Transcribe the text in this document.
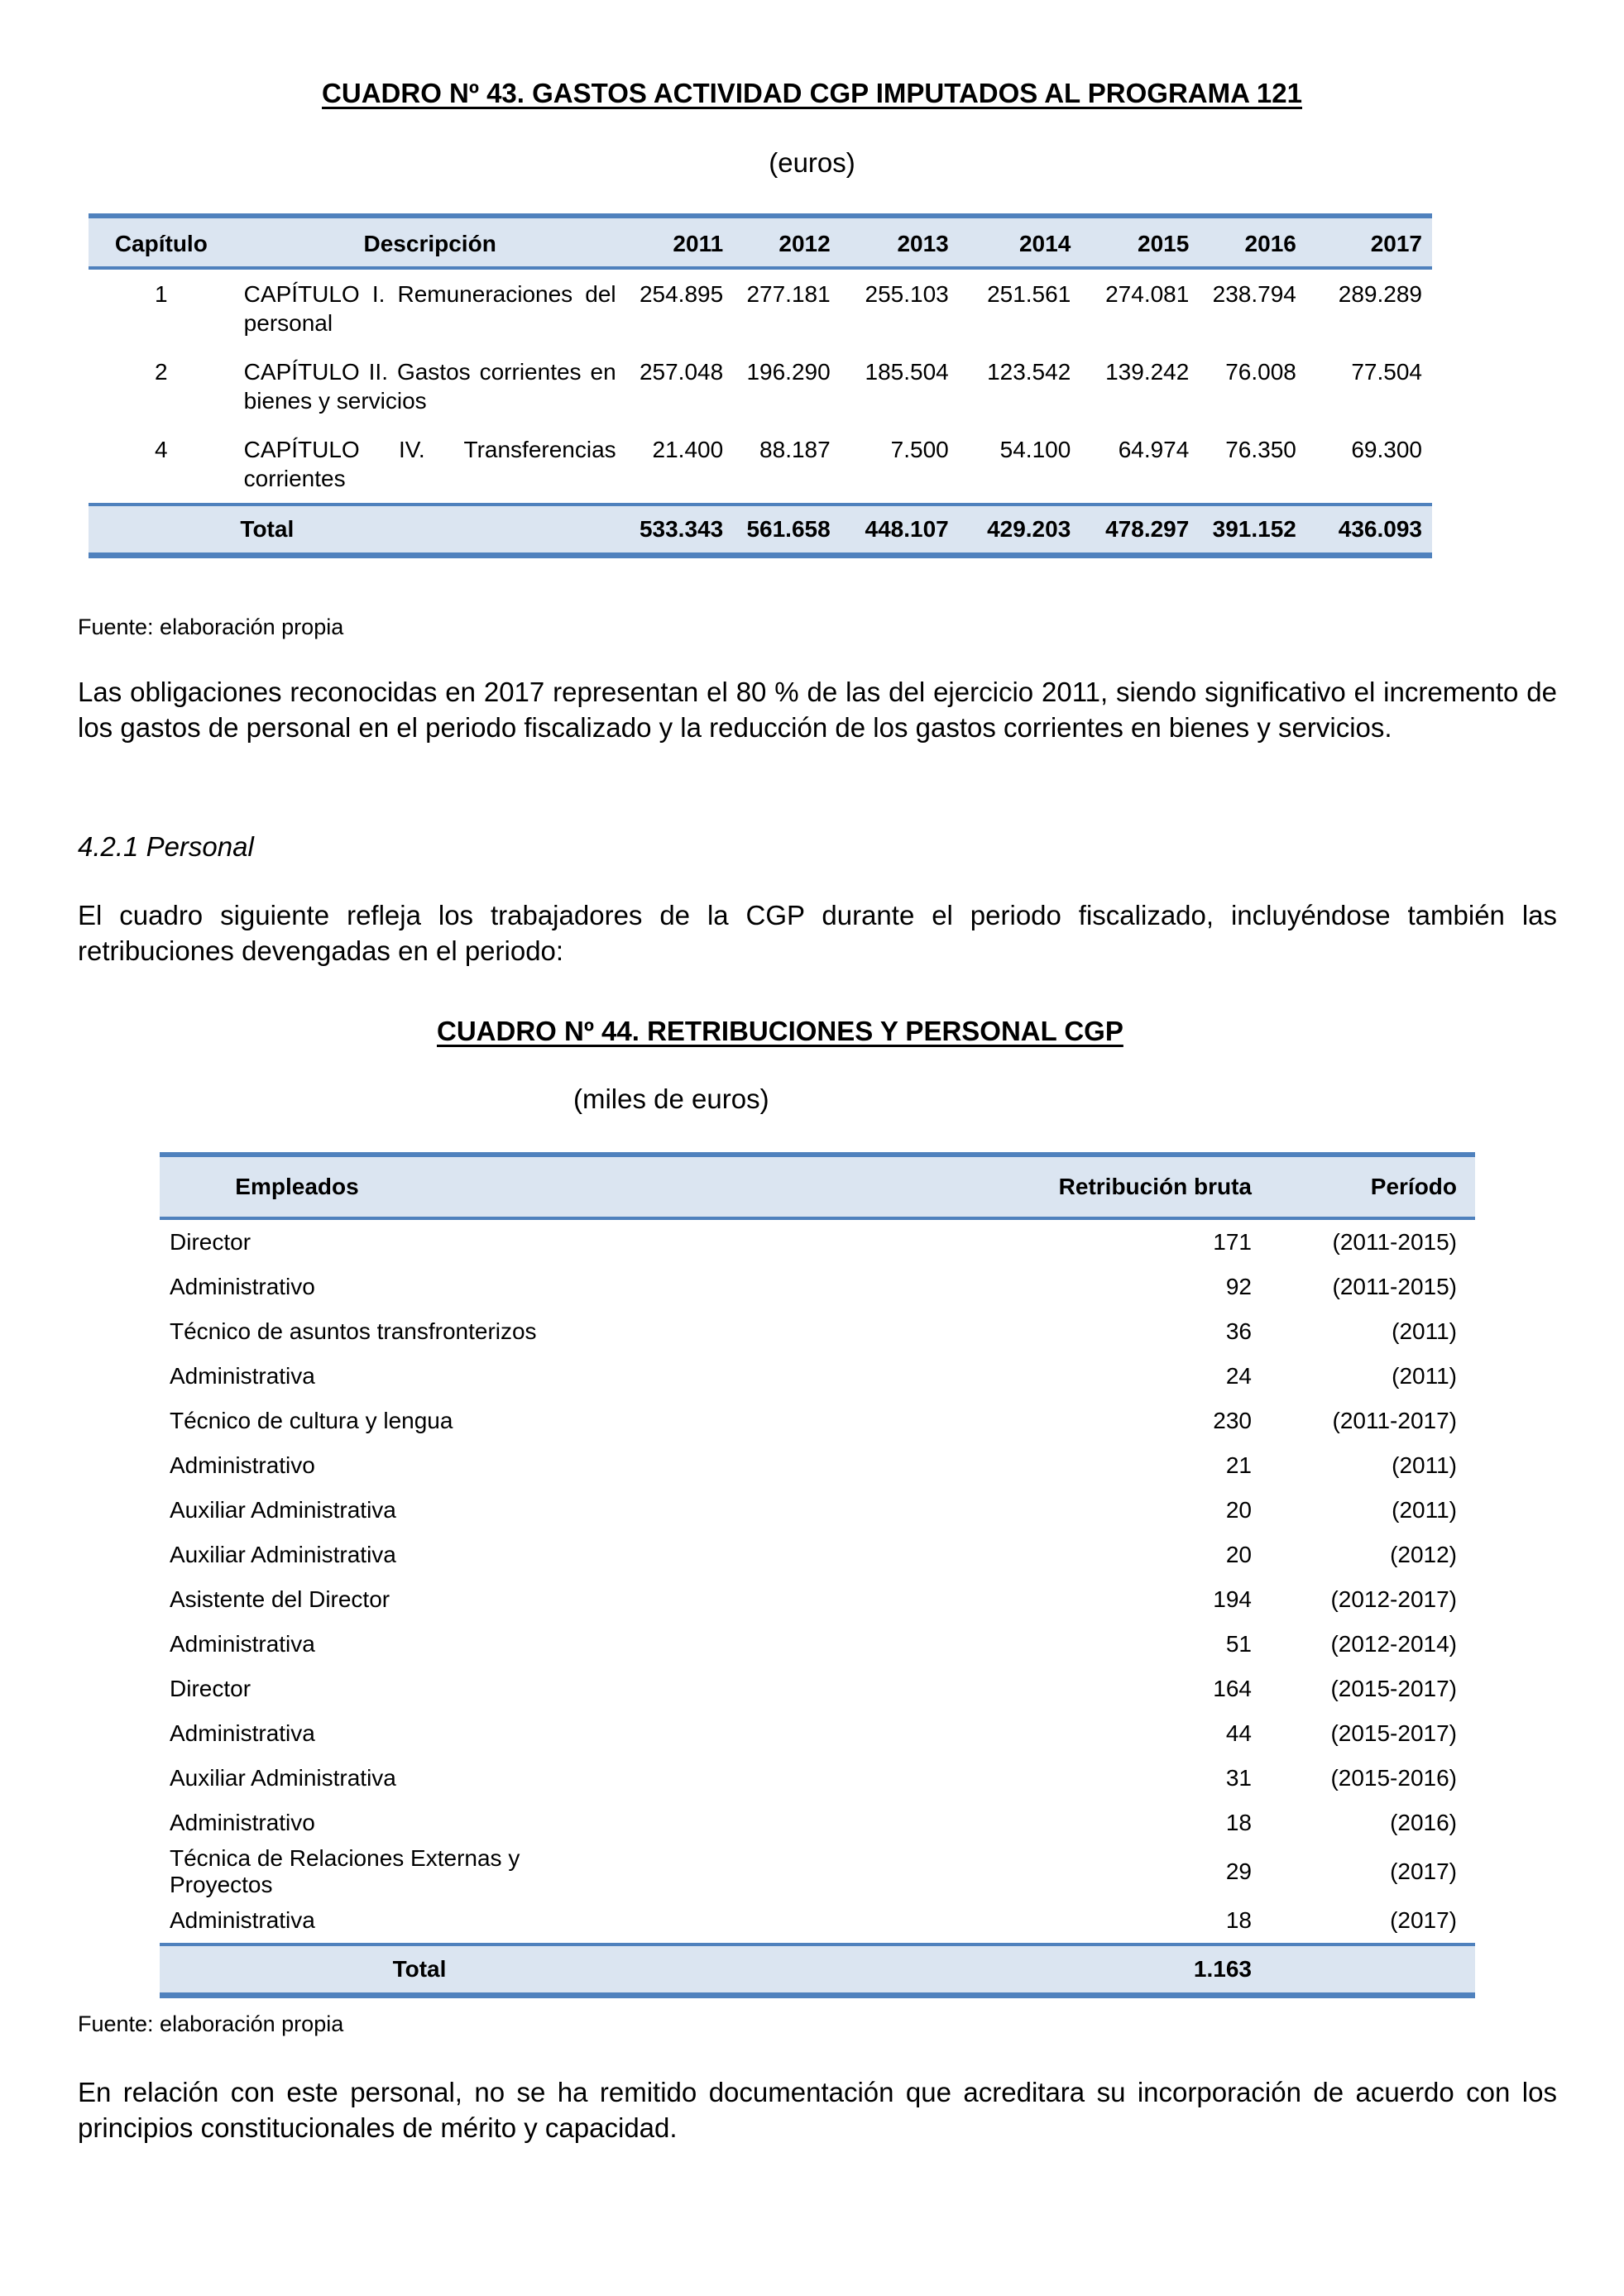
CUADRO Nº 43. GASTOS ACTIVIDAD CGP IMPUTADOS AL PROGRAMA 121
(euros)
Capítulo	Descripción	2011	2012	2013	2014	2015	2016	2017
1	CAPÍTULO I. Remuneraciones del personal	254.895	277.181	255.103	251.561	274.081	238.794	289.289
2	CAPÍTULO II. Gastos corrientes en bienes y servicios	257.048	196.290	185.504	123.542	139.242	76.008	77.504
4	CAPÍTULO IV. Transferencias corrientes	21.400	88.187	7.500	54.100	64.974	76.350	69.300
Total		533.343	561.658	448.107	429.203	478.297	391.152	436.093
Fuente: elaboración propia
Las obligaciones reconocidas en 2017 representan el 80 % de las del ejercicio 2011, siendo significativo el incremento de los gastos de personal en el periodo fiscalizado y la reducción de los gastos corrientes en bienes y servicios.
4.2.1 Personal
El cuadro siguiente refleja los trabajadores de la CGP durante el periodo fiscalizado, incluyéndose también las retribuciones devengadas en el periodo:
CUADRO Nº 44. RETRIBUCIONES Y PERSONAL CGP
(miles de euros)
Empleados	Retribución bruta	Período
Director	171	(2011-2015)
Administrativo	92	(2011-2015)
Técnico de asuntos transfronterizos	36	(2011)
Administrativa	24	(2011)
Técnico de cultura y lengua	230	(2011-2017)
Administrativo	21	(2011)
Auxiliar Administrativa	20	(2011)
Auxiliar Administrativa	20	(2012)
Asistente del Director	194	(2012-2017)
Administrativa	51	(2012-2014)
Director	164	(2015-2017)
Administrativa	44	(2015-2017)
Auxiliar Administrativa	31	(2015-2016)
Administrativo	18	(2016)
Técnica de Relaciones Externas y Proyectos	29	(2017)
Administrativa	18	(2017)
Total	1.163	
Fuente: elaboración propia
En relación con este personal, no se ha remitido documentación que acreditara su incorporación de acuerdo con los principios constitucionales de mérito y capacidad.
